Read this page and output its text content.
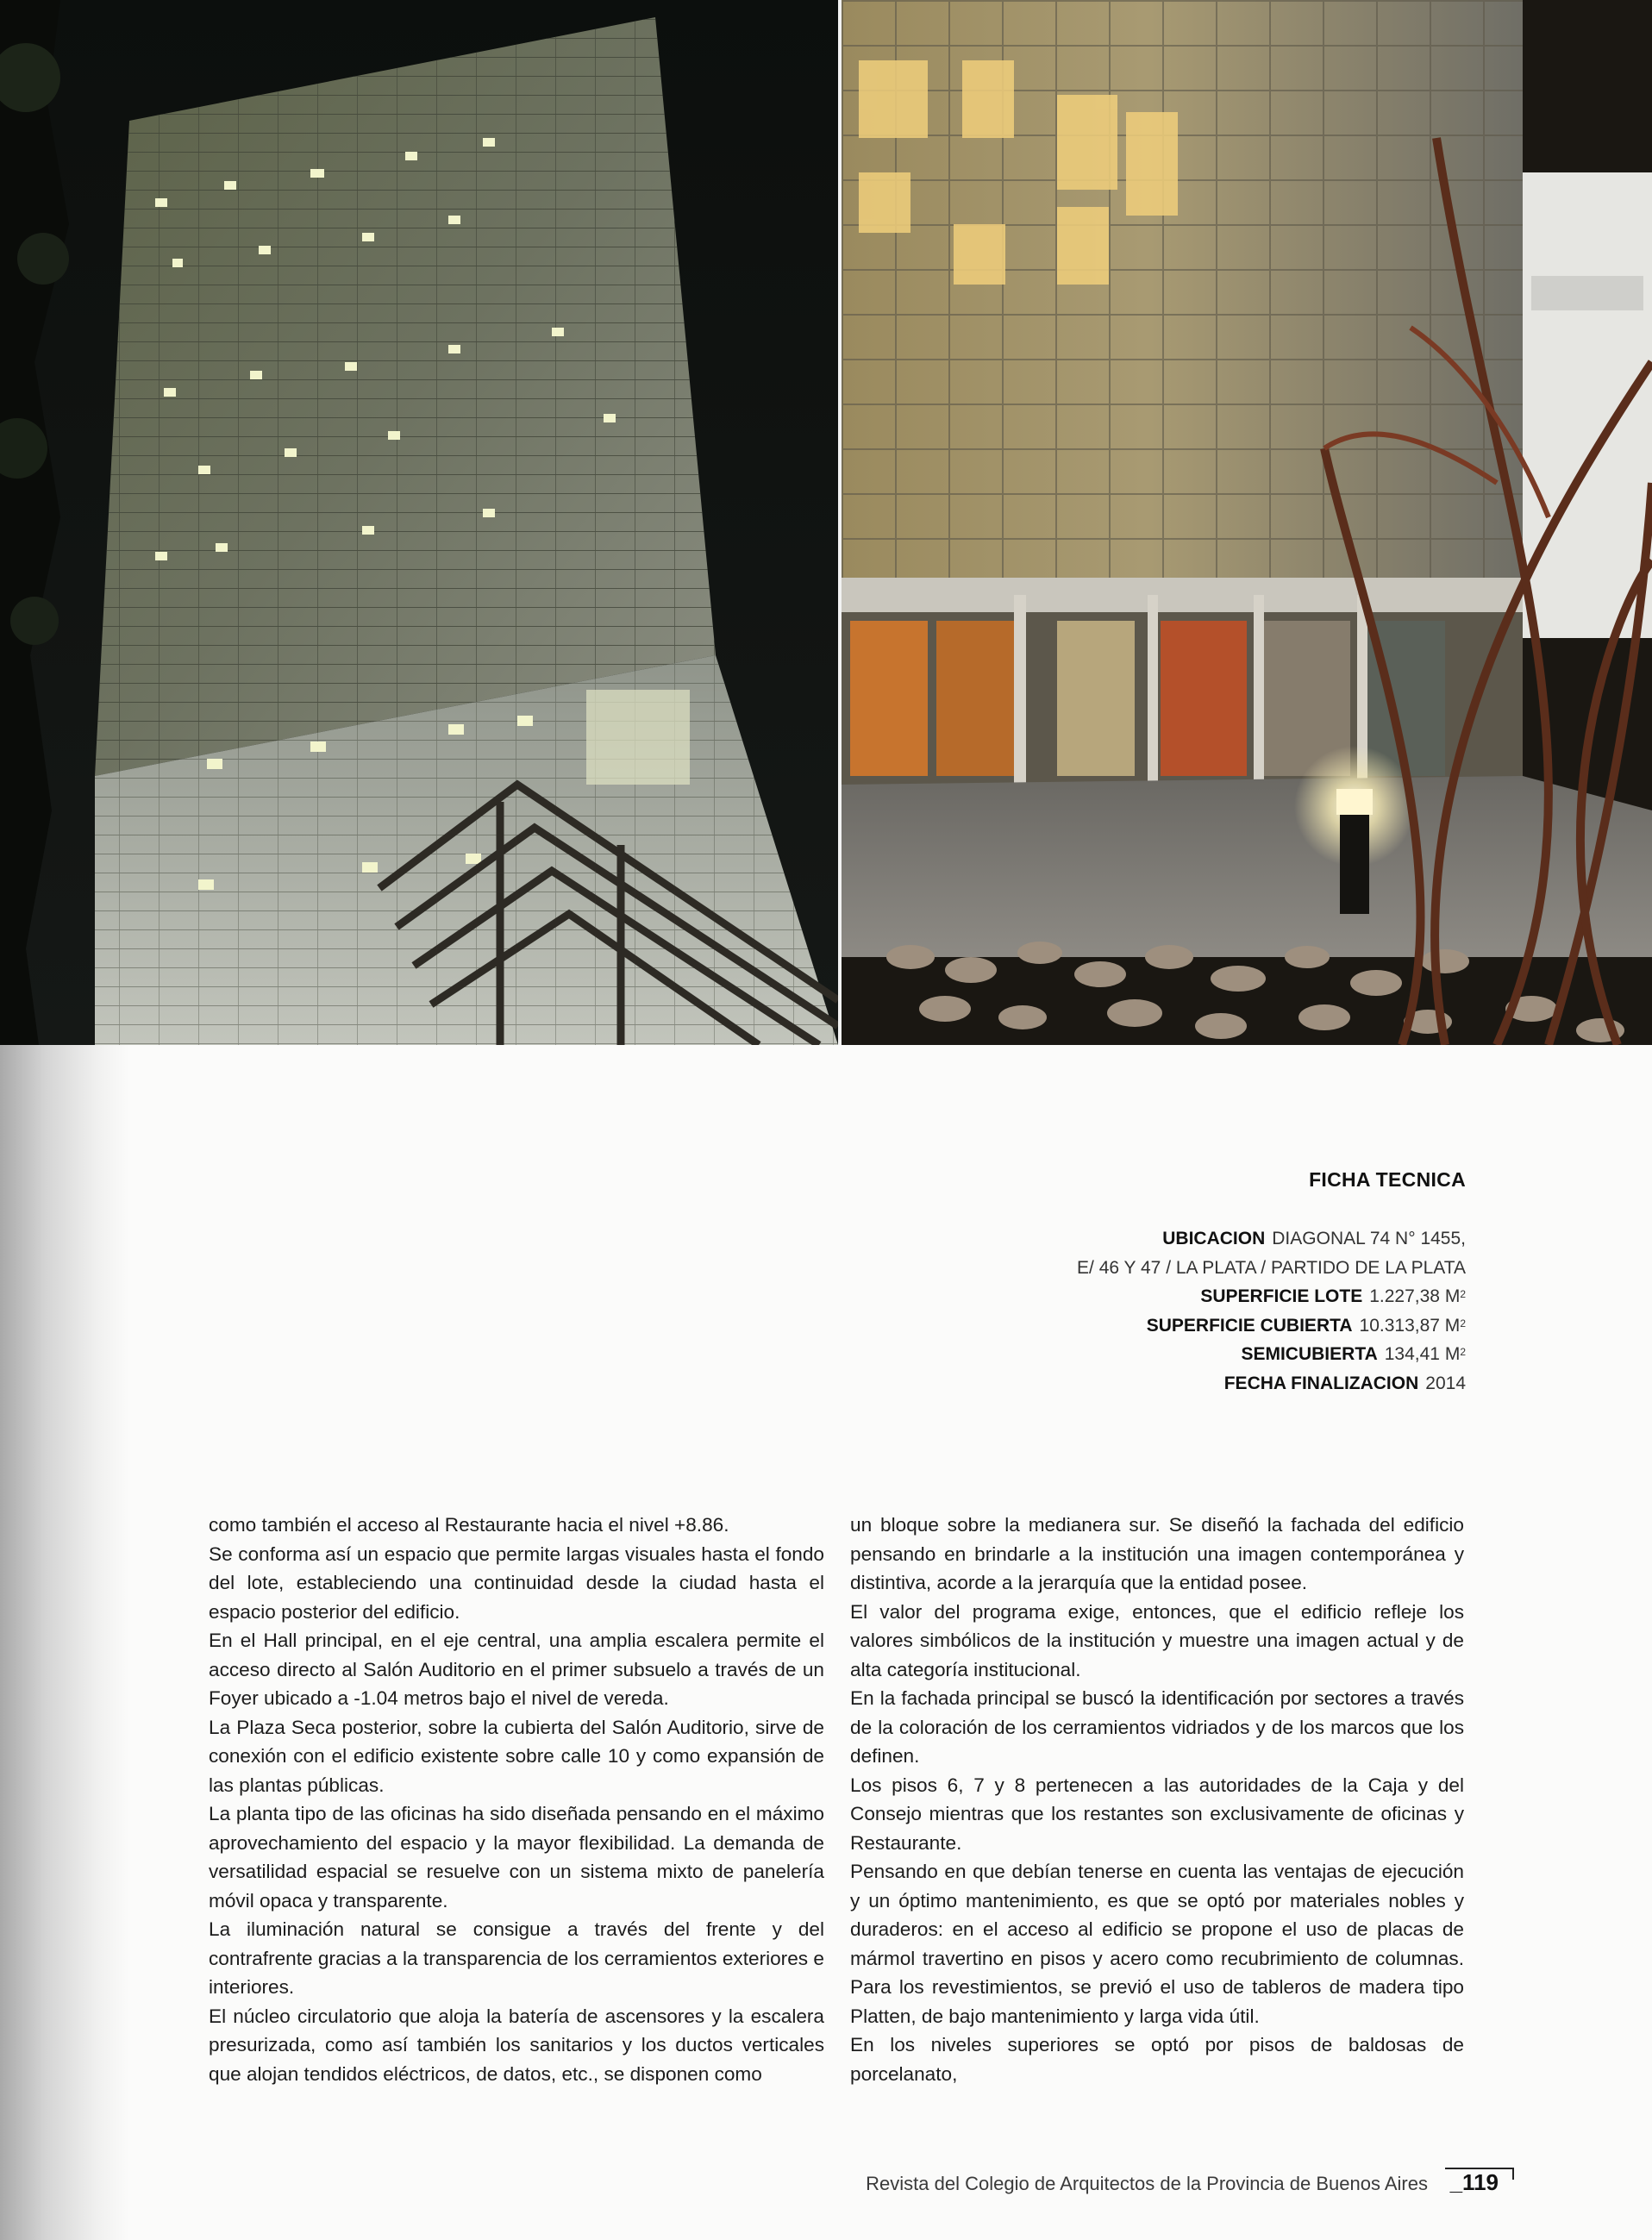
FICHA TECNICA
UBICACION DIAGONAL 74 N° 1455,
E/ 46 Y 47 / LA PLATA / PARTIDO DE LA PLATA
SUPERFICIE LOTE 1.227,38 $M^2$
SUPERFICIE CUBIERTA 10.313,87 $M^2$
SEMICUBIERTA 134,41 $M^2$
FECHA FINALIZACION 2014

como también el acceso al Restaurante hacia el nivel +8.86.

Se conforma así un espacio que permite largas visuales hasta el fondo del lote, estableciendo una continuidad desde la ciudad hasta el espacio posterior del edificio.

En el Hall principal, en el eje central, una amplia escalera permite el acceso directo al Salón Auditorio en el primer subsuelo a través de un Foyer ubicado a -1.04 metros bajo el nivel de vereda.

La Plaza Seca posterior, sobre la cubierta del Salón Auditorio, sirve de conexión con el edificio existente sobre calle 10 y como expansión de las plantas públicas.

La planta tipo de las oficinas ha sido diseñada pensando en el máximo aprovechamiento del espacio y la mayor flexibilidad. La demanda de versatilidad espacial se resuelve con un sistema mixto de panelería móvil opaca y transparente.

La iluminación natural se consigue a través del frente y del contrafrente gracias a la transparencia de los cerramientos exteriores e interiores.

El núcleo circulatorio que aloja la batería de ascensores y la escalera presurizada, como así también los sanitarios y los ductos verticales que alojan tendidos eléctricos, de datos, etc., se disponen como

un bloque sobre la medianera sur. Se diseñó la fachada del edificio pensando en brindarle a la institución una imagen contemporánea y distintiva, acorde a la jerarquía que la entidad posee.

El valor del programa exige, entonces, que el edificio refleje los valores simbólicos de la institución y muestre una imagen actual y de alta categoría institucional.

En la fachada principal se buscó la identificación por sectores a través de la coloración de los cerramientos vidriados y de los marcos que los definen.

Los pisos 6, 7 y 8 pertenecen a las autoridades de la Caja y del Consejo mientras que los restantes son exclusivamente de oficinas y Restaurante.

Pensando en que debían tenerse en cuenta las ventajas de ejecución y un óptimo mantenimiento, es que se optó por materiales nobles y duraderos: en el acceso al edificio se propone el uso de placas de mármol travertino en pisos y acero como recubrimiento de columnas. Para los revestimientos, se previó el uso de tableros de madera tipo Platten, de bajo mantenimiento y larga vida útil.

En los niveles superiores se optó por pisos de baldosas de porcelanato,

Revista del Colegio de Arquitectos de la Provincia de Buenos Aires _119
